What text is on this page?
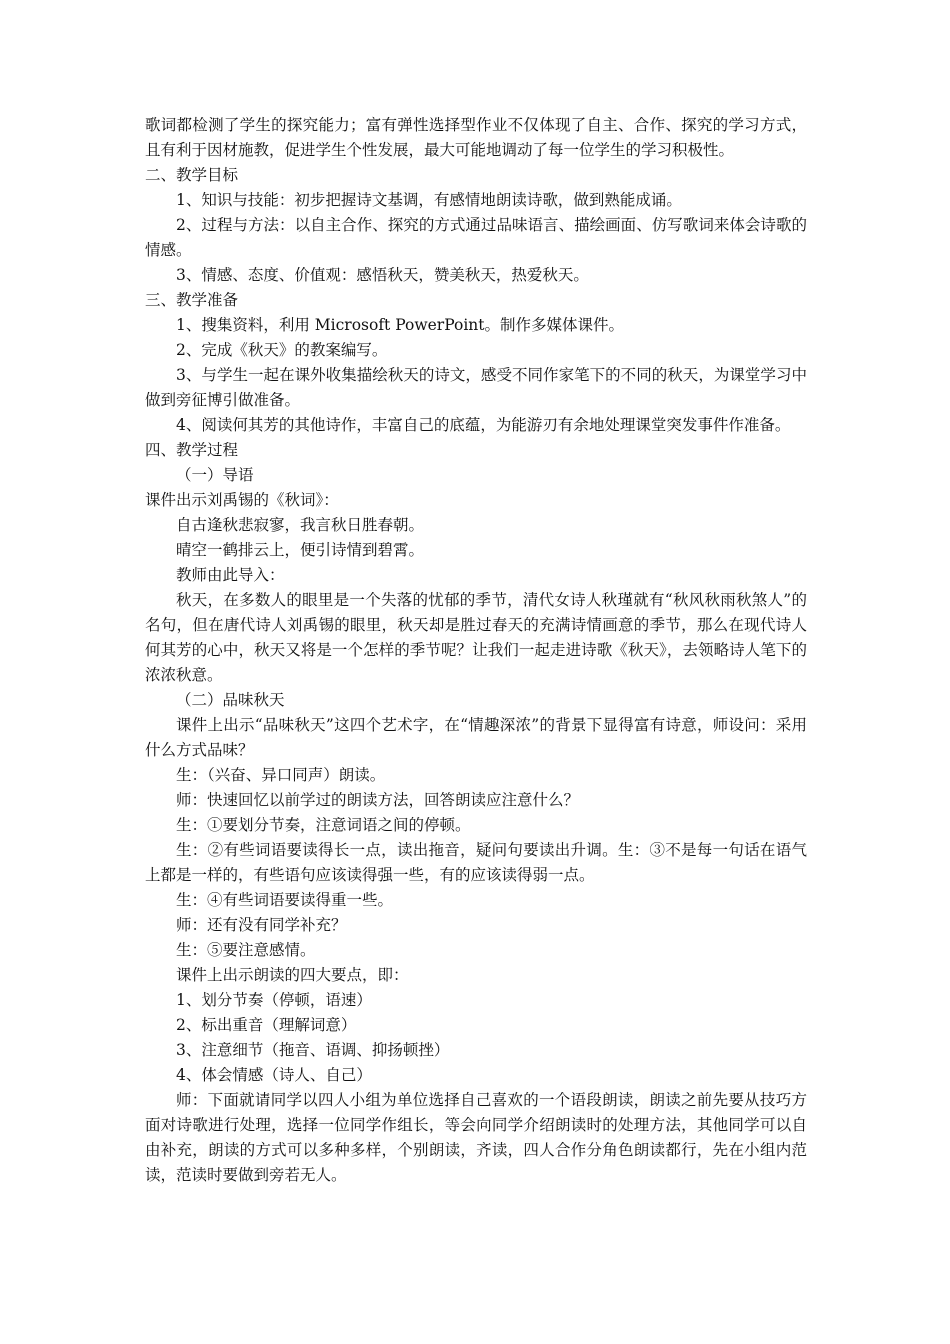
歌词都检测了学生的探究能力；富有弹性选择型作业不仅体现了自主、合作、探究的学习方式，且有利于因材施教，促进学生个性发展，最大可能地调动了每一位学生的学习积极性。

二、教学目标

1、知识与技能：初步把握诗文基调，有感情地朗读诗歌，做到熟能成诵。

2、过程与方法：以自主合作、探究的方式通过品味语言、描绘画面、仿写歌词来体会诗歌的情感。

3、情感、态度、价值观：感悟秋天，赞美秋天，热爱秋天。

三、教学准备

1、搜集资料，利用 Microsoft PowerPoint。制作多媒体课件。

2、完成《秋天》的教案编写。

3、与学生一起在课外收集描绘秋天的诗文，感受不同作家笔下的不同的秋天，为课堂学习中做到旁征博引做准备。

4、阅读何其芳的其他诗作，丰富自己的底蕴，为能游刃有余地处理课堂突发事件作准备。

四、教学过程

（一）导语

课件出示刘禹锡的《秋词》：

自古逢秋悲寂寥，我言秋日胜春朝。

晴空一鹤排云上，便引诗情到碧霄。

教师由此导入：

秋天，在多数人的眼里是一个失落的忧郁的季节，清代女诗人秋瑾就有“秋风秋雨秋煞人”的名句，但在唐代诗人刘禹锡的眼里，秋天却是胜过春天的充满诗情画意的季节，那么在现代诗人何其芳的心中，秋天又将是一个怎样的季节呢？让我们一起走进诗歌《秋天》，去领略诗人笔下的浓浓秋意。

（二）品味秋天

课件上出示“品味秋天”这四个艺术字，在“情趣深浓”的背景下显得富有诗意，师设问：采用什么方式品味？

生：（兴奋、异口同声）朗读。

师：快速回忆以前学过的朗读方法，回答朗读应注意什么？

生：①要划分节奏，注意词语之间的停顿。

生：②有些词语要读得长一点，读出拖音，疑问句要读出升调。生：③不是每一句话在语气上都是一样的，有些语句应该读得强一些，有的应该读得弱一点。

生：④有些词语要读得重一些。

师：还有没有同学补充？

生：⑤要注意感情。

课件上出示朗读的四大要点，即：

1、划分节奏（停顿，语速）

2、标出重音（理解词意）

3、注意细节（拖音、语调、抑扬顿挫）

4、体会情感（诗人、自己）

师：下面就请同学以四人小组为单位选择自己喜欢的一个语段朗读，朗读之前先要从技巧方面对诗歌进行处理，选择一位同学作组长，等会向同学介绍朗读时的处理方法，其他同学可以自由补充，朗读的方式可以多种多样，个别朗读，齐读，四人合作分角色朗读都行，先在小组内范读，范读时要做到旁若无人。
